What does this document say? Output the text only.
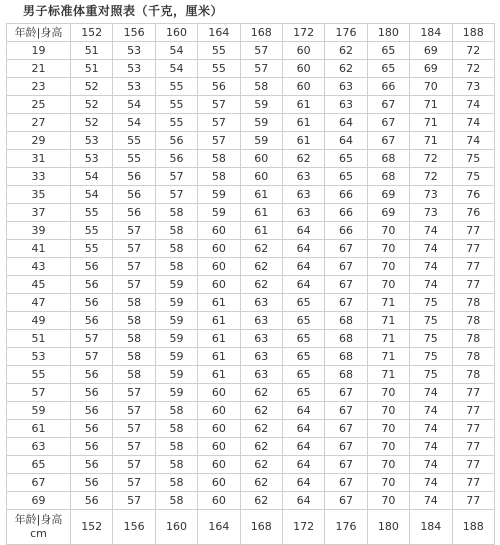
男子标准体重对照表（千克，厘米）
年龄|身高	152	156	160	164	168	172	176	180	184	188
19	51	53	54	55	57	60	62	65	69	72
21	51	53	54	55	57	60	62	65	69	72
23	52	53	55	56	58	60	63	66	70	73
25	52	54	55	57	59	61	63	67	71	74
27	52	54	55	57	59	61	64	67	71	74
29	53	55	56	57	59	61	64	67	71	74
31	53	55	56	58	60	62	65	68	72	75
33	54	56	57	58	60	63	65	68	72	75
35	54	56	57	59	61	63	66	69	73	76
37	55	56	58	59	61	63	66	69	73	76
39	55	57	58	60	61	64	66	70	74	77
41	55	57	58	60	62	64	67	70	74	77
43	56	57	58	60	62	64	67	70	74	77
45	56	57	59	60	62	64	67	70	74	77
47	56	58	59	61	63	65	67	71	75	78
49	56	58	59	61	63	65	68	71	75	78
51	57	58	59	61	63	65	68	71	75	78
53	57	58	59	61	63	65	68	71	75	78
55	56	58	59	61	63	65	68	71	75	78
57	56	57	59	60	62	65	67	70	74	77
59	56	57	58	60	62	64	67	70	74	77
61	56	57	58	60	62	64	67	70	74	77
63	56	57	58	60	62	64	67	70	74	77
65	56	57	58	60	62	64	67	70	74	77
67	56	57	58	60	62	64	67	70	74	77
69	56	57	58	60	62	64	67	70	74	77

年龄|身高
cm	152	156	160	164	168	172	176	180	184	188
